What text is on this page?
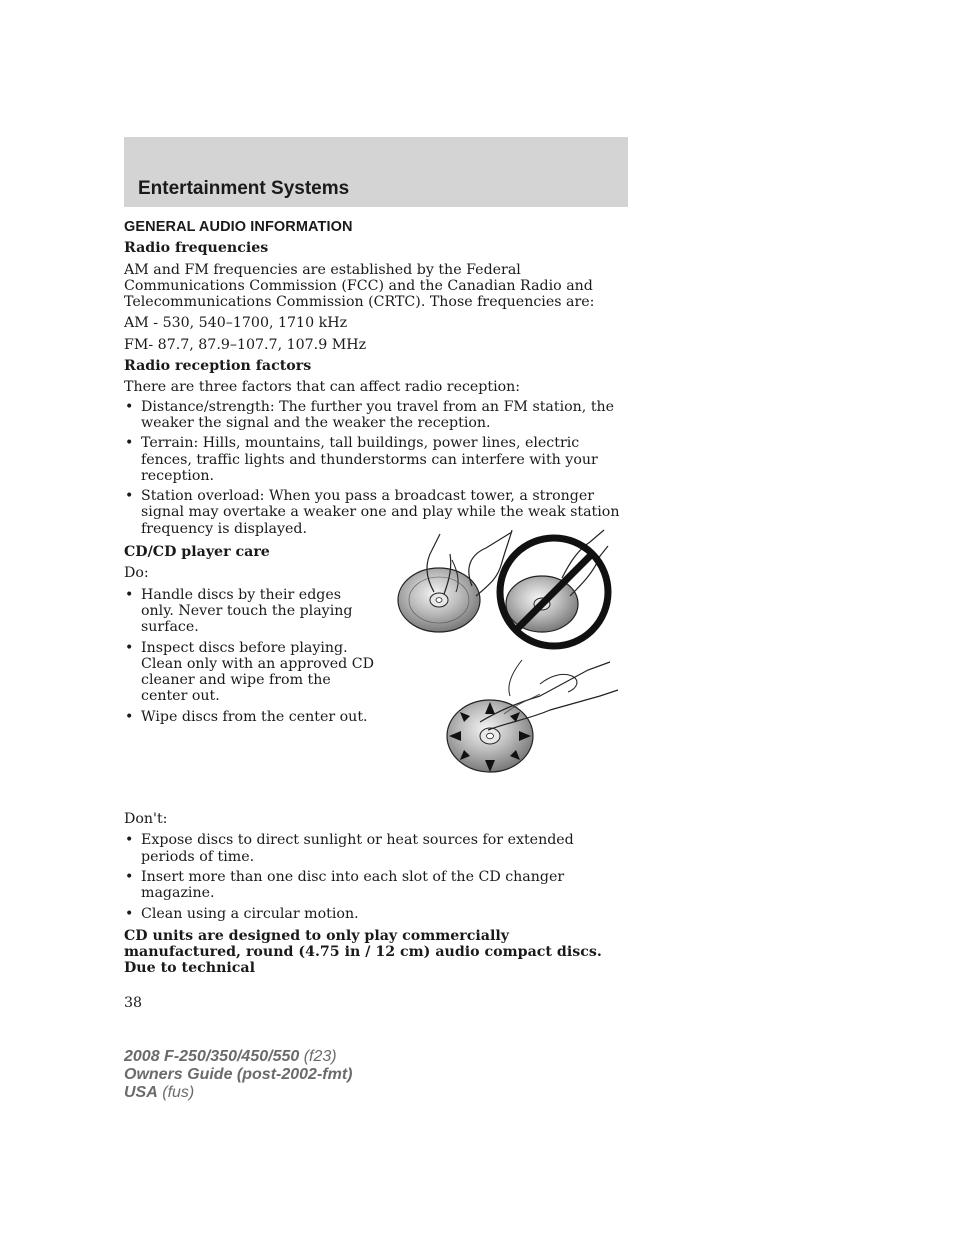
Entertainment Systems
GENERAL AUDIO INFORMATION
Radio frequencies

AM and FM frequencies are established by the Federal Communications Commission (FCC) and the Canadian Radio and Telecommunications Commission (CRTC). Those frequencies are:

AM - 530, 540–1700, 1710 kHz

FM- 87.7, 87.9–107.7, 107.9 MHz

Radio reception factors

There are three factors that can affect radio reception:

• Distance/strength: The further you travel from an FM station, the weaker the signal and the weaker the reception.
• Terrain: Hills, mountains, tall buildings, power lines, electric fences, traffic lights and thunderstorms can interfere with your reception.
• Station overload: When you pass a broadcast tower, a stronger signal may overtake a weaker one and play while the weak station frequency is displayed.
CD/CD player care

Do:

• Handle discs by their edges only. Never touch the playing surface.
• Inspect discs before playing. Clean only with an approved CD cleaner and wipe from the center out.
• Wipe discs from the center out.

Don't:

• Expose discs to direct sunlight or heat sources for extended periods of time.
• Insert more than one disc into each slot of the CD changer magazine.
• Clean using a circular motion.

CD units are designed to only play commercially manufactured, round (4.75 in / 12 cm) audio compact discs. Due to technical

38
2008 F-250/350/450/550 (f23)
Owners Guide (post-2002-fmt)
USA (fus)
